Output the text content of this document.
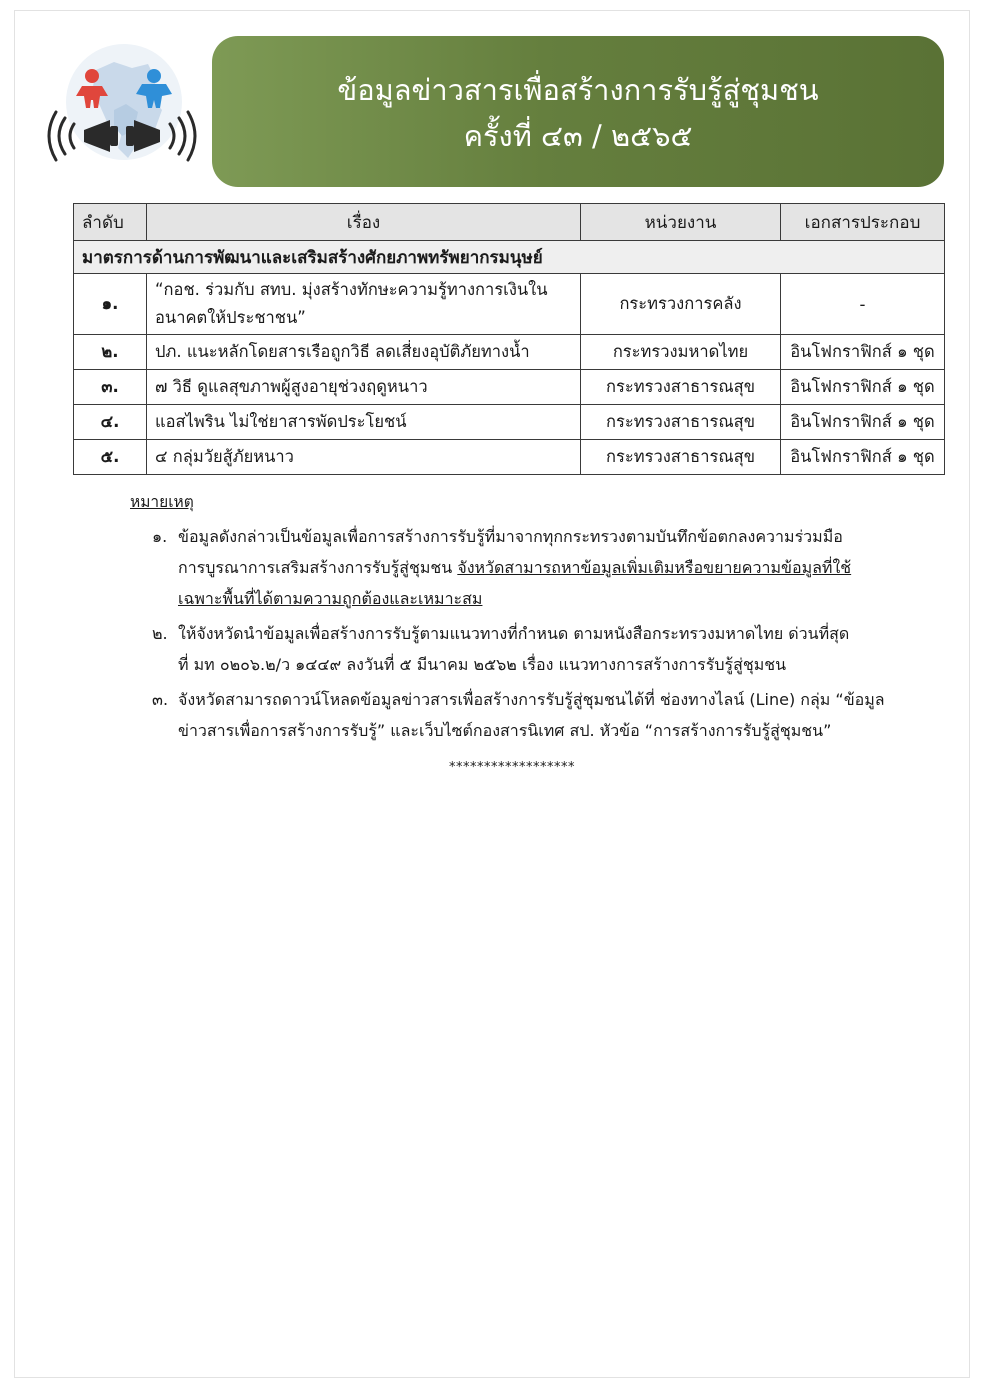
ข้อมูลข่าวสารเพื่อสร้างการรับรู้สู่ชุมชน
ครั้งที่ ๔๓ / ๒๕๖๕
ลำดับ	เรื่อง	หน่วยงาน	เอกสารประกอบ
มาตรการด้านการพัฒนาและเสริมสร้างศักยภาพทรัพยากรมนุษย์			
๑.	“กอช. ร่วมกับ สทบ. มุ่งสร้างทักษะความรู้ทางการเงินใน
อนาคตให้ประชาชน”	กระทรวงการคลัง	-
๒.	ปภ. แนะหลักโดยสารเรือถูกวิธี ลดเสี่ยงอุบัติภัยทางน้ำ	กระทรวงมหาดไทย	อินโฟกราฟิกส์ ๑ ชุด
๓.	๗ วิธี ดูแลสุขภาพผู้สูงอายุช่วงฤดูหนาว	กระทรวงสาธารณสุข	อินโฟกราฟิกส์ ๑ ชุด
๔.	แอสไพริน ไม่ใช่ยาสารพัดประโยชน์	กระทรวงสาธารณสุข	อินโฟกราฟิกส์ ๑ ชุด
๕.	๔ กลุ่มวัยสู้ภัยหนาว	กระทรวงสาธารณสุข	อินโฟกราฟิกส์ ๑ ชุด
หมายเหตุ
๑. ข้อมูลดังกล่าวเป็นข้อมูลเพื่อการสร้างการรับรู้ที่มาจากทุกกระทรวงตามบันทึกข้อตกลงความร่วมมือ
การบูรณาการเสริมสร้างการรับรู้สู่ชุมชน จังหวัดสามารถหาข้อมูลเพิ่มเติมหรือขยายความข้อมูลที่ใช้
เฉพาะพื้นที่ได้ตามความถูกต้องและเหมาะสม
๒. ให้จังหวัดนำข้อมูลเพื่อสร้างการรับรู้ตามแนวทางที่กำหนด ตามหนังสือกระทรวงมหาดไทย ด่วนที่สุด
ที่ มท ๐๒๐๖.๒/ว ๑๔๔๙ ลงวันที่ ๕ มีนาคม ๒๕๖๒ เรื่อง แนวทางการสร้างการรับรู้สู่ชุมชน
๓. จังหวัดสามารถดาวน์โหลดข้อมูลข่าวสารเพื่อสร้างการรับรู้สู่ชุมชนได้ที่ ช่องทางไลน์ (Line) กลุ่ม “ข้อมูล
ข่าวสารเพื่อการสร้างการรับรู้” และเว็บไซต์กองสารนิเทศ สป. หัวข้อ “การสร้างการรับรู้สู่ชุมชน”
******************
